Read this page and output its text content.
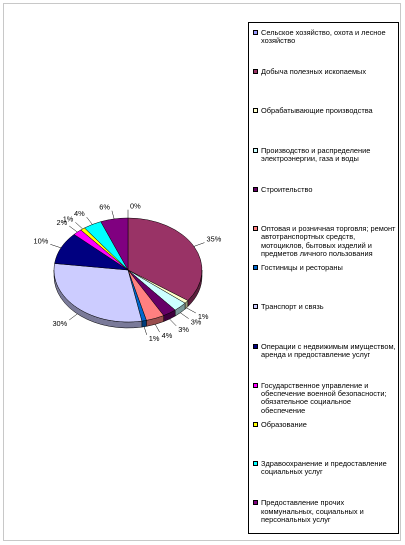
0%
35%
1%
3%
3%
4%
1%
30%
10%
2%
1%
4%
6%
Сельское хозяйство, охота и лесное хозяйство
Добыча полезных ископаемых
Обрабатывающие производства
Производство и распределение электроэнергии, газа и воды
Строительство
Оптовая и розничная торговля; ремонт автотранспортных средств, мотоциклов, бытовых изделий и предметов личного пользования
Гостиницы и рестораны
Транспорт и связь
Операции с недвижимым имуществом, аренда и предоставление услуг
Государственное управление и обеспечение военной безопасности; обязательное социальное обеспечение
Образование
Здравоохранение и предоставление социальных услуг
Предоставление прочих коммунальных, социальных и персональных услуг
